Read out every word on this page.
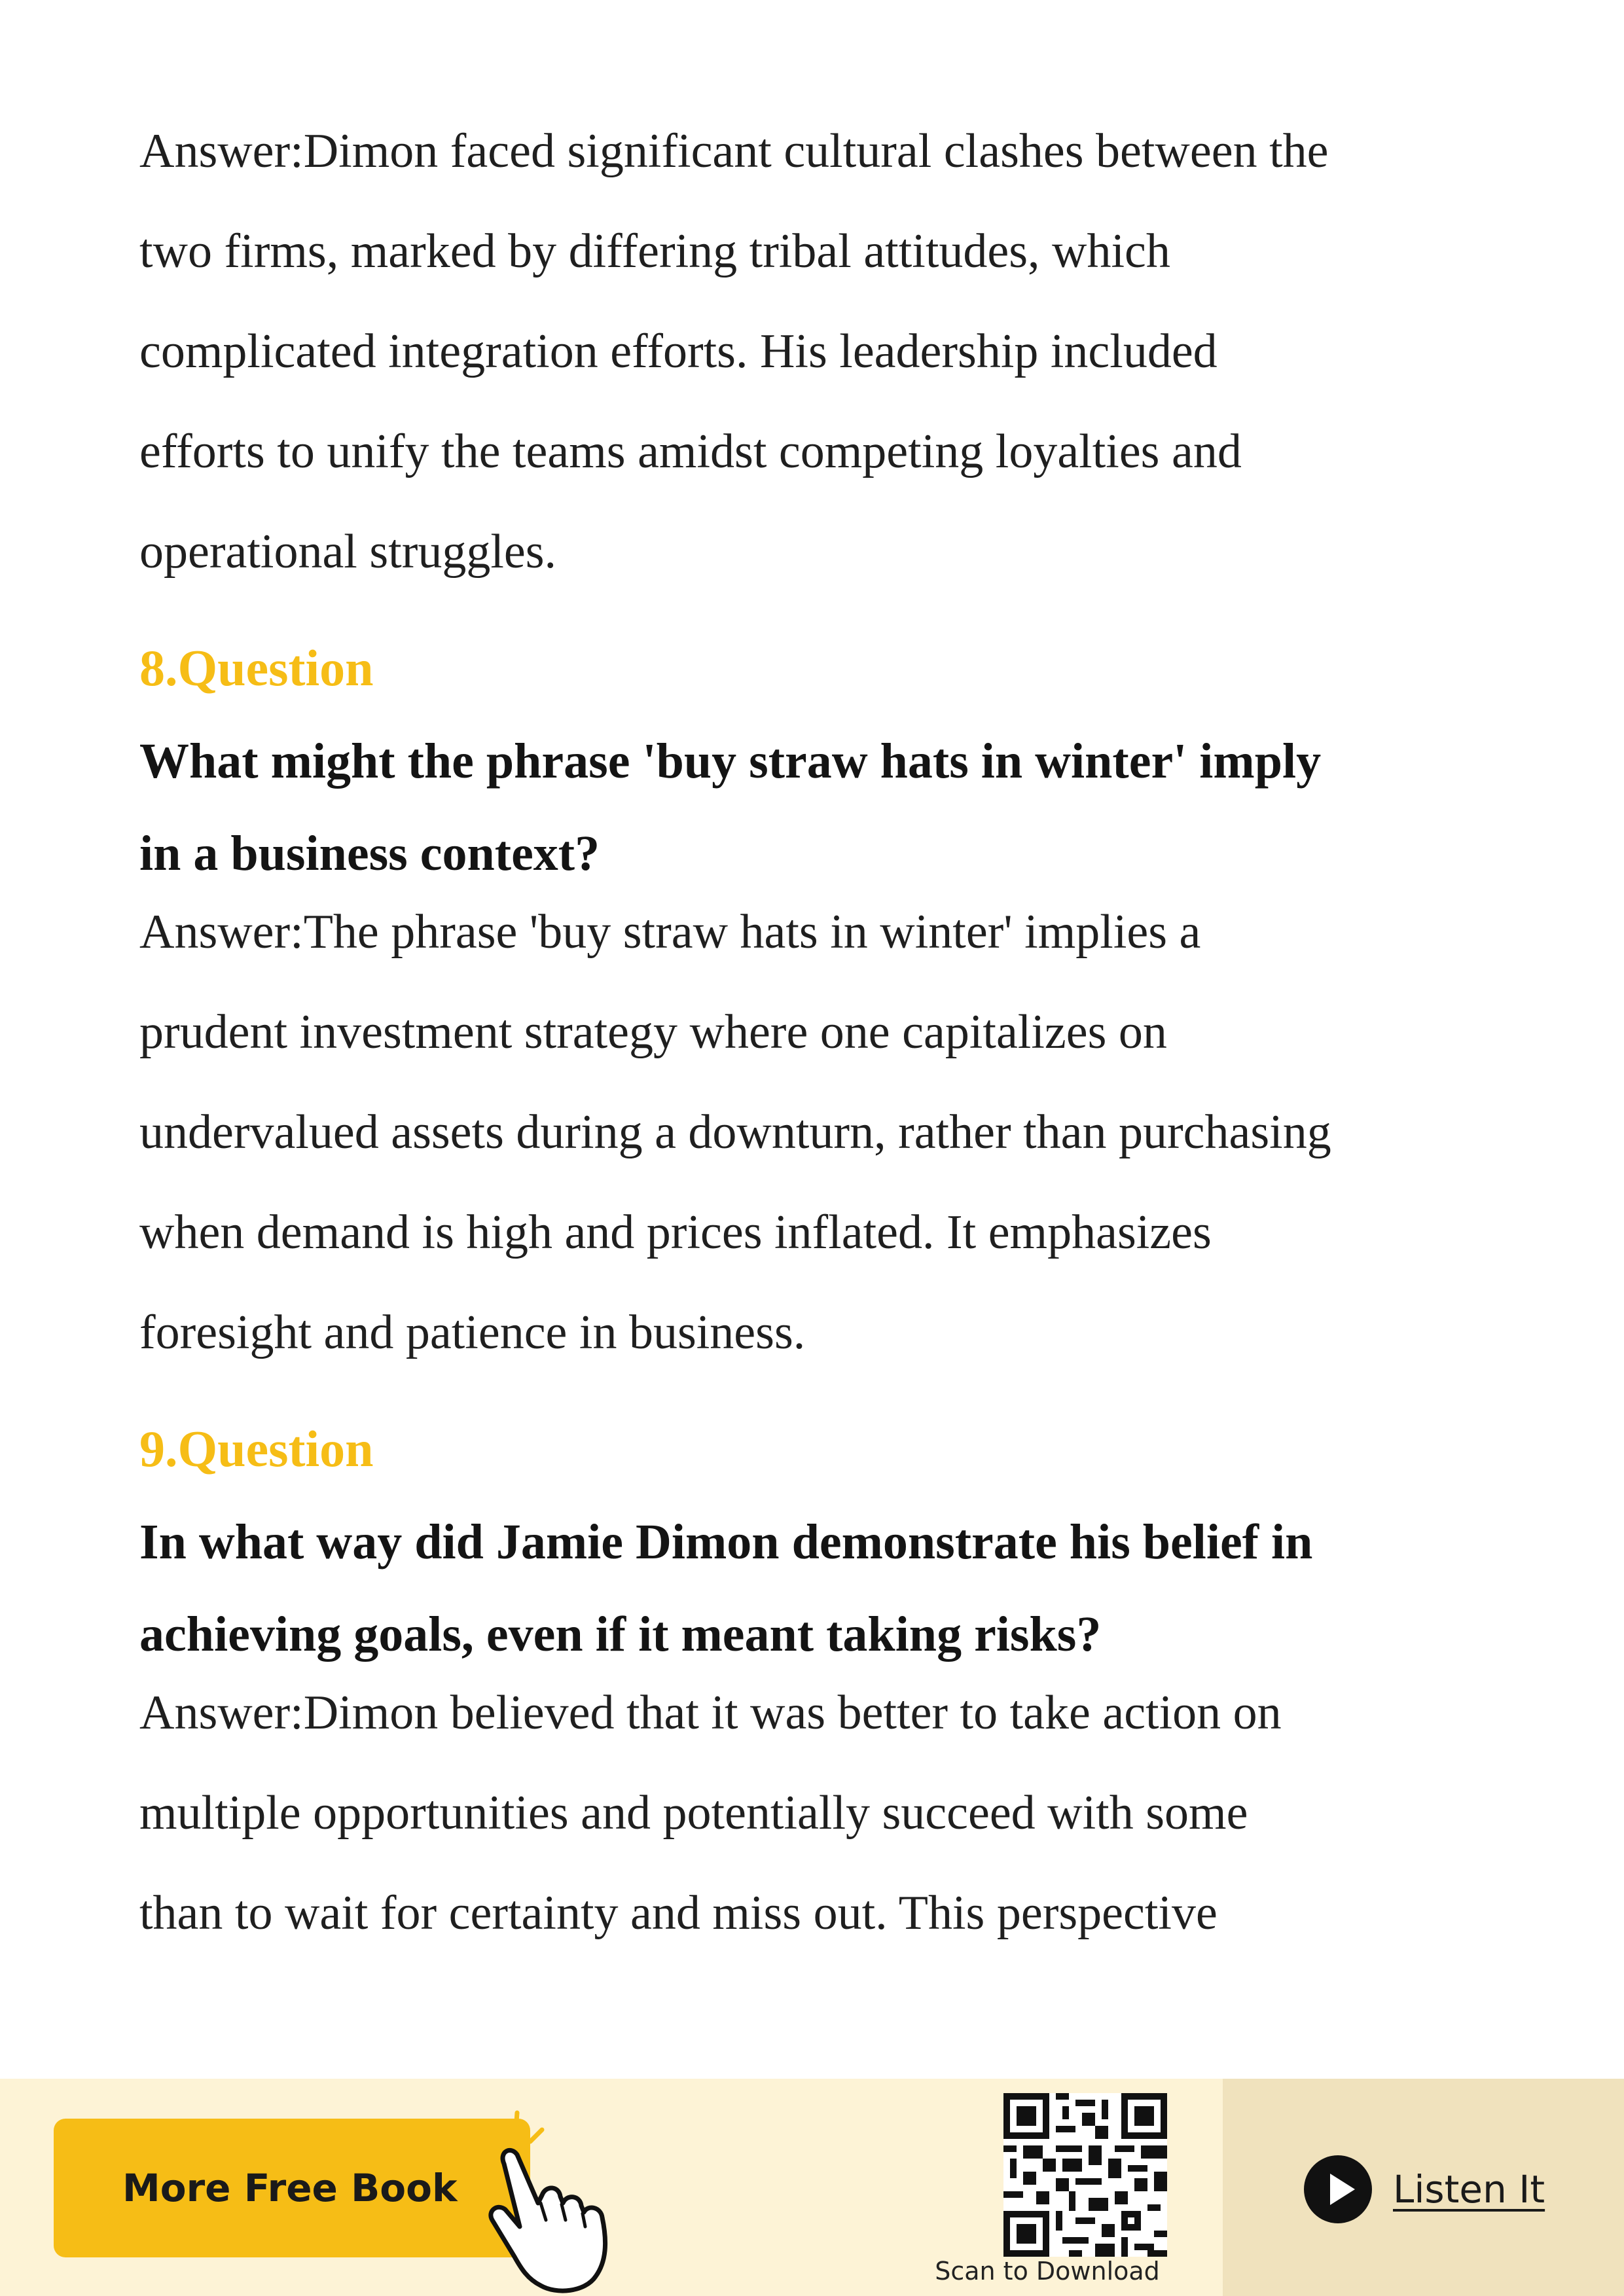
Answer:Dimon faced significant cultural clashes between the
two firms, marked by differing tribal attitudes, which
complicated integration efforts. His leadership included
efforts to unify the teams amidst competing loyalties and
operational struggles.
8.Question
What might the phrase 'buy straw hats in winter' imply
in a business context?
Answer:The phrase 'buy straw hats in winter' implies a
prudent investment strategy where one capitalizes on
undervalued assets during a downturn, rather than purchasing
when demand is high and prices inflated. It emphasizes
foresight and patience in business.
9.Question
In what way did Jamie Dimon demonstrate his belief in
achieving goals, even if it meant taking risks?
Answer:Dimon believed that it was better to take action on
multiple opportunities and potentially succeed with some
than to wait for certainty and miss out. This perspective
More Free Book
Scan to Download
Listen It
